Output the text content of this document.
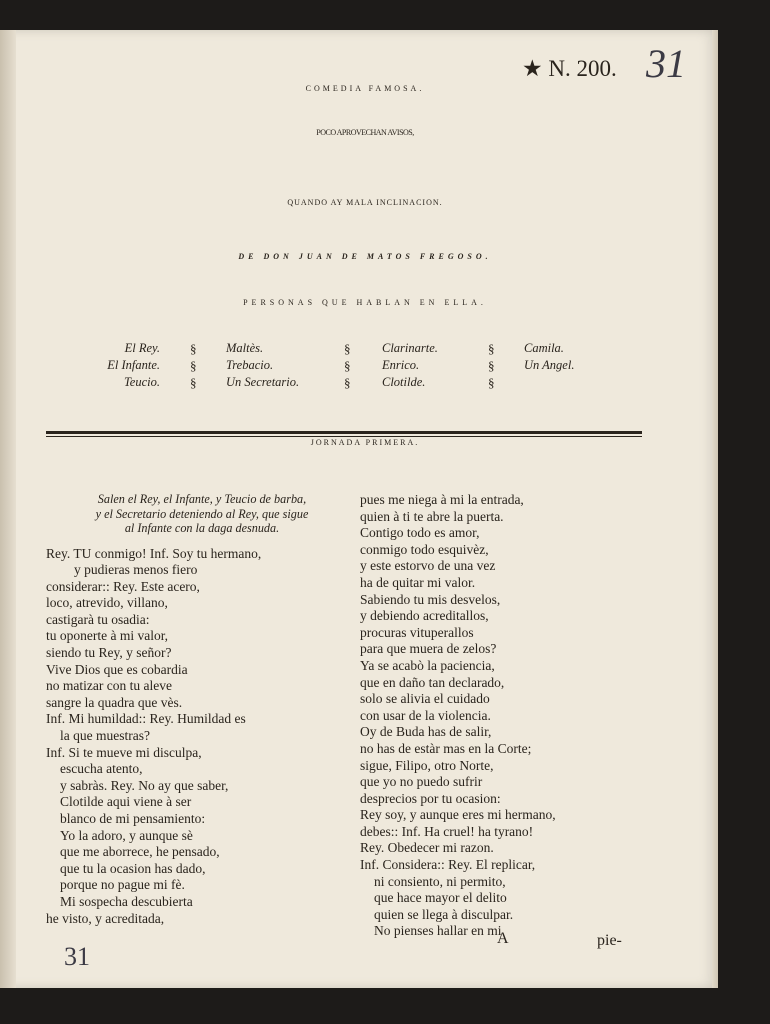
★ N. 200. 31
COMEDIA FAMOSA.
POCO APROVECHAN AVISOS,
QUANDO AY MALA INCLINACION.
DE DON JUAN DE MATOS FREGOSO.
PERSONAS QUE HABLAN EN ELLA.
El Rey.
El Infante.
Teucio.
§
§
§
Maltès.
Trebacio.
Un Secretario.
§
§
§
Clarinarte.
Enrico.
Clotilde.
§
§
§
Camila.
Un Angel.
JORNADA PRIMERA.
Salen el Rey, el Infante, y Teucio de barba,
y el Secretario deteniendo al Rey, que sigue
al Infante con la daga desnuda.
Rey. TU conmigo! Inf. Soy tu hermano,
y pudieras menos fiero
considerar:: Rey. Este acero,
loco, atrevido, villano,
castigarà tu osadia:
tu oponerte à mi valor,
siendo tu Rey, y señor?
Vive Dios que es cobardia
no matizar con tu aleve
sangre la quadra que vès.
Inf. Mi humildad:: Rey. Humildad es
la que muestras?
Inf. Si te mueve mi disculpa,
escucha atento,
y sabràs. Rey. No ay que saber,
Clotilde aqui viene à ser
blanco de mi pensamiento:
Yo la adoro, y aunque sè
que me aborrece, he pensado,
que tu la ocasion has dado,
porque no pague mi fè.
Mi sospecha descubierta
he visto, y acreditada,
pues me niega à mi la entrada,
quien à ti te abre la puerta.
Contigo todo es amor,
conmigo todo esquivèz,
y este estorvo de una vez
ha de quitar mi valor.
Sabiendo tu mis desvelos,
y debiendo acreditallos,
procuras vituperallos
para que muera de zelos?
Ya se acabò la paciencia,
que en daño tan declarado,
solo se alivia el cuidado
con usar de la violencia.
Oy de Buda has de salir,
no has de estàr mas en la Corte;
sigue, Filipo, otro Norte,
que yo no puedo sufrir
desprecios por tu ocasion:
Rey soy, y aunque eres mi hermano,
debes:: Inf. Ha cruel! ha tyrano!
Rey. Obedecer mi razon.
Inf. Considera:: Rey. El replicar,
ni consiento, ni permito,
que hace mayor el delito
quien se llega à disculpar.
No pienses hallar en mi
A	pie-
31
